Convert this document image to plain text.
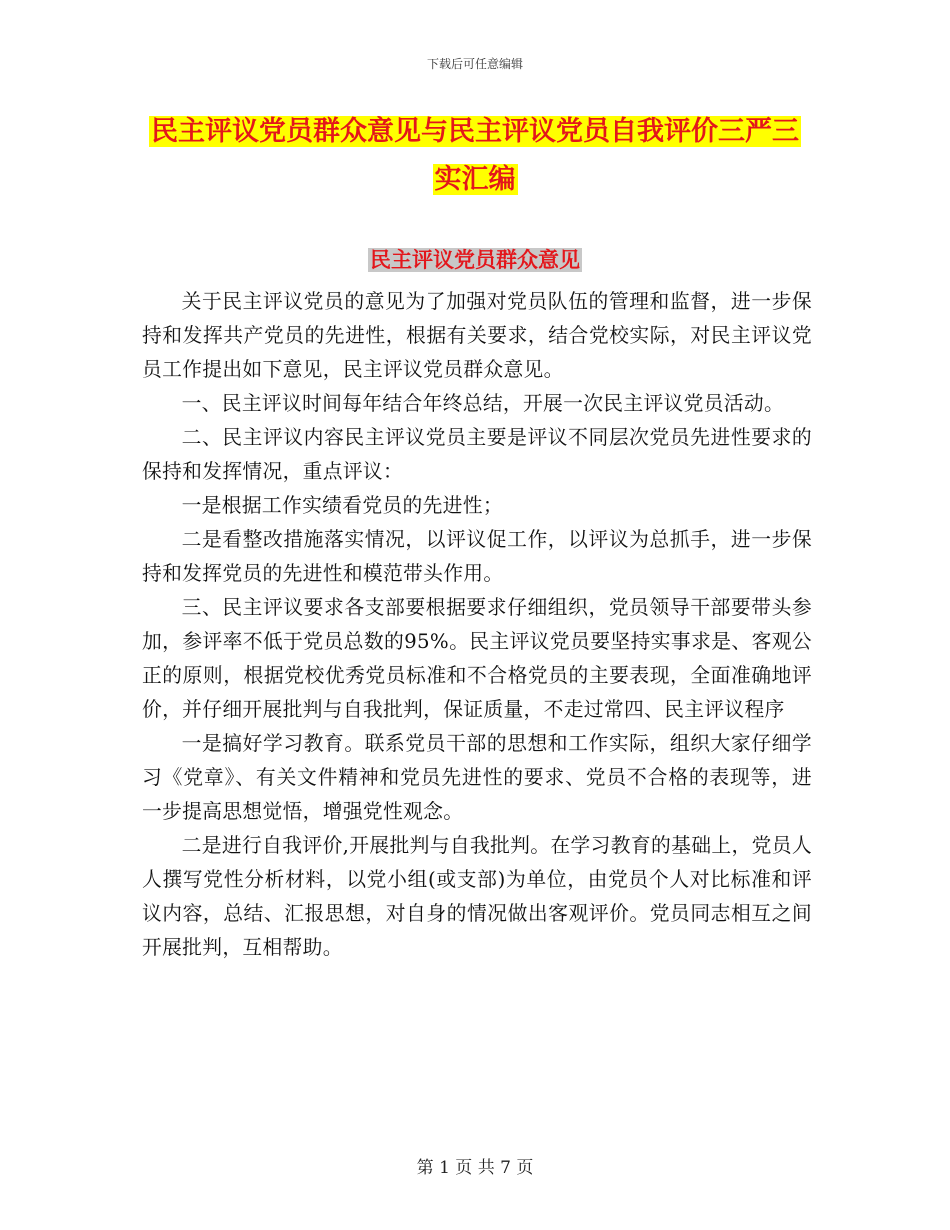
下载后可任意编辑
民主评议党员群众意见与民主评议党员自我评价三严三实汇编
民主评议党员群众意见

关于民主评议党员的意见为了加强对党员队伍的管理和监督，进一步保持和发挥共产党员的先进性，根据有关要求，结合党校实际，对民主评议党员工作提出如下意见，民主评议党员群众意见。

一、民主评议时间每年结合年终总结，开展一次民主评议党员活动。

二、民主评议内容民主评议党员主要是评议不同层次党员先进性要求的保持和发挥情况，重点评议：

一是根据工作实绩看党员的先进性；

二是看整改措施落实情况，以评议促工作，以评议为总抓手，进一步保持和发挥党员的先进性和模范带头作用。

三、民主评议要求各支部要根据要求仔细组织，党员领导干部要带头参加，参评率不低于党员总数的95%。民主评议党员要坚持实事求是、客观公正的原则，根据党校优秀党员标准和不合格党员的主要表现，全面准确地评价，并仔细开展批判与自我批判，保证质量，不走过常四、民主评议程序

一是搞好学习教育。联系党员干部的思想和工作实际，组织大家仔细学习《党章》、有关文件精神和党员先进性的要求、党员不合格的表现等，进一步提高思想觉悟，增强党性观念。

二是进行自我评价,开展批判与自我批判。在学习教育的基础上，党员人人撰写党性分析材料，以党小组(或支部)为单位，由党员个人对比标准和评议内容，总结、汇报思想，对自身的情况做出客观评价。党员同志相互之间开展批判，互相帮助。

第 1 页 共 7 页
